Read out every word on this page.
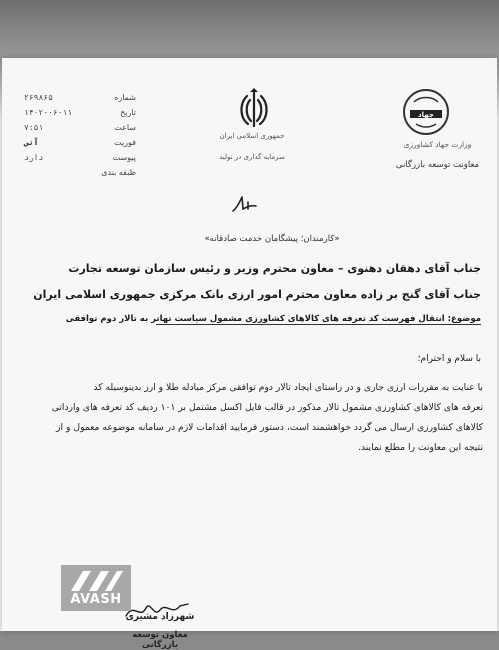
شماره
۲۶۹۸۶۵
تاریخ
۱۴۰۲-۰۶-۱۱
ساعت
۷:۵۱
فوریت
آنی
پیوست
دارد
طبقه بندی
جمهوری اسلامی ایران
سرمایه گذاری در تولید
جهاد
وزارت جهاد کشاورزی
معاونت توسعه بازرگانی
«کارمندان؛ پیشگامان خدمت صادقانه»
جناب آقای دهقان دهنوی – معاون محترم وزیر و رئیس سازمان توسعه تجارت
جناب آقای گنج بر زاده معاون محترم امور ارزی بانک مرکزی جمهوری اسلامی ایران
موضوع: انتقال فهرست کد تعرفه های کالاهای کشاورزی مشمول سیاست تهاتر به تالار دوم توافقی
با سلام و احترام؛
با عنایت به مقررات ارزی جاری و در راستای ایجاد تالار دوم توافقی مرکز مبادله طلا و ارز بدینوسیله کد
تعرفه های کالاهای کشاورزی مشمول تالار مذکور در قالب فایل اکسل مشتمل بر ۱۰۱ ردیف کد تعرفه های وارداتی
کالاهای کشاورزی ارسال می گردد خواهشمند است، دستور فرمایید اقدامات لازم در سامانه موضوعه معمول و از
نتیجه این معاونت را مطلع نمایند.
شهرزاد مشیری
معاون توسعه بازرگانی
AVASH
